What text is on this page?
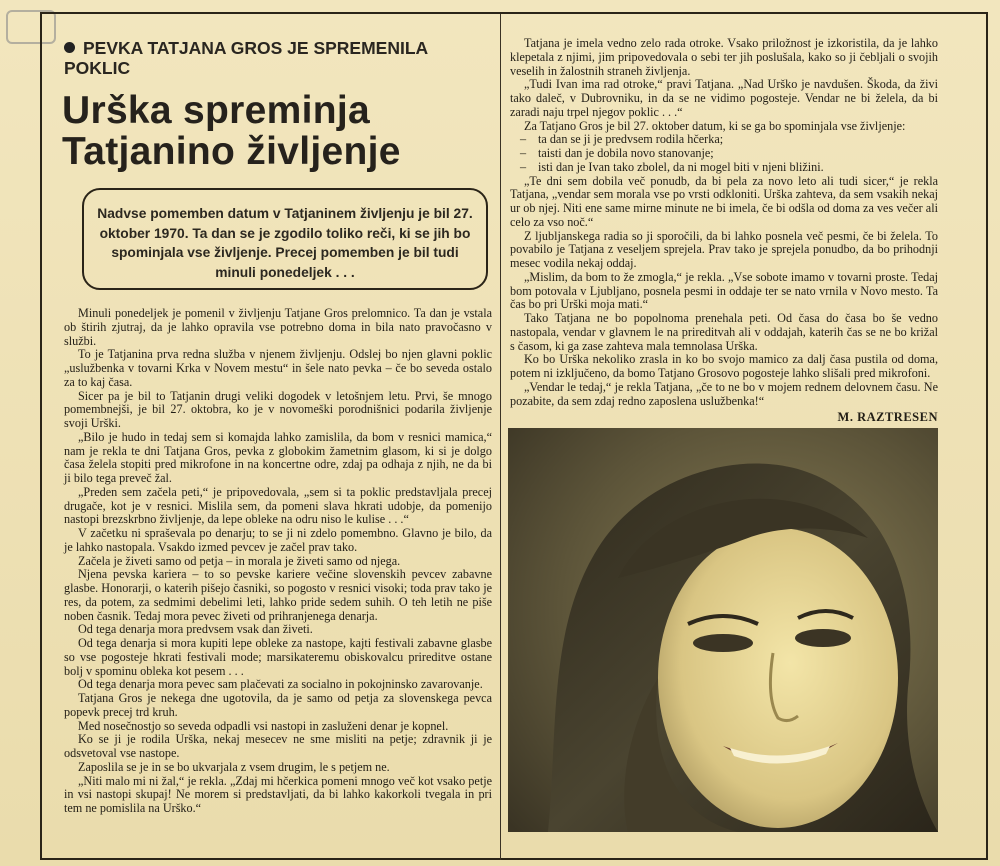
PEVKA TATJANA GROS JE SPREMENILA POKLIC
Urška spreminja Tatjanino življenje
Nadvse pomemben datum v Tatjaninem življenju je bil 27. oktober 1970. Ta dan se je zgodilo toliko reči, ki se jih bo spominjala vse življenje. Precej pomemben je bil tudi minuli ponedeljek . . .

Minuli ponedeljek je pomenil v življenju Tatjane Gros prelomnico. Ta dan je vstala ob štirih zjutraj, da je lahko opravila vse potrebno doma in bila nato pravočasno v službi.

To je Tatjanina prva redna služba v njenem življenju. Odslej bo njen glavni poklic „uslužbenka v tovarni Krka v Novem mestu“ in šele nato pevka – če bo seveda ostalo za to kaj časa.

Sicer pa je bil to Tatjanin drugi veliki dogodek v letošnjem letu. Prvi, še mnogo pomembnejši, je bil 27. oktobra, ko je v novomeški porodnišnici podarila življenje svoji Urški.

„Bilo je hudo in tedaj sem si komajda lahko zamislila, da bom v resnici mamica,“ nam je rekla te dni Tatjana Gros, pevka z globokim žametnim glasom, ki si je dolgo časa želela stopiti pred mikrofone in na koncertne odre, zdaj pa odhaja z njih, ne da bi ji bilo tega preveč žal.

„Preden sem začela peti,“ je pripovedovala, „sem si ta poklic predstavljala precej drugače, kot je v resnici. Mislila sem, da pomeni slava hkrati udobje, da pomenijo nastopi brezskrbno življenje, da lepe obleke na odru niso le kulise . . .“

V začetku ni spraševala po denarju; to se ji ni zdelo pomembno. Glavno je bilo, da je lahko nastopala. Vsakdo izmed pevcev je začel prav tako.

Začela je živeti samo od petja – in morala je živeti samo od njega.

Njena pevska kariera – to so pevske kariere večine slovenskih pevcev zabavne glasbe. Honorarji, o katerih pišejo časniki, so pogosto v resnici visoki; toda prav tako je res, da potem, za sedmimi debelimi leti, lahko pride sedem suhih. O teh letih ne piše noben časnik. Tedaj mora pevec živeti od prihranjenega denarja.

Od tega denarja mora predvsem vsak dan živeti.

Od tega denarja si mora kupiti lepe obleke za nastope, kajti festivali zabavne glasbe so vse pogosteje hkrati festivali mode; marsikateremu obiskovalcu prireditve ostane bolj v spominu obleka kot pesem . . .

Od tega denarja mora pevec sam plačevati za socialno in pokojninsko zavarovanje.

Tatjana Gros je nekega dne ugotovila, da je samo od petja za slovenskega pevca popevk precej trd kruh.

Med nosečnostjo so seveda odpadli vsi nastopi in zasluženi denar je kopnel.

Ko se ji je rodila Urška, nekaj mesecev ne sme misliti na petje; zdravnik ji je odsvetoval vse nastope.

Zaposlila se je in se bo ukvarjala z vsem drugim, le s petjem ne.

„Niti malo mi ni žal,“ je rekla. „Zdaj mi hčerkica pomeni mnogo več kot vsako petje in vsi nastopi skupaj! Ne morem si predstavljati, da bi lahko kakorkoli tvegala in pri tem ne pomislila na Urško.“

Tatjana je imela vedno zelo rada otroke. Vsako priložnost je izkoristila, da je lahko klepetala z njimi, jim pripovedovala o sebi ter jih poslušala, kako so ji čebljali o svojih veselih in žalostnih straneh življenja.

„Tudi Ivan ima rad otroke,“ pravi Tatjana. „Nad Urško je navdušen. Škoda, da živi tako daleč, v Dubrovniku, in da se ne vidimo pogosteje. Vendar ne bi želela, da bi zaradi naju trpel njegov poklic . . .“

Za Tatjano Gros je bil 27. oktober datum, ki se ga bo spominjala vse življenje:

– ta dan se ji je predvsem rodila hčerka;
– taisti dan je dobila novo stanovanje;
– isti dan je Ivan tako zbolel, da ni mogel biti v njeni bližini.

„Te dni sem dobila več ponudb, da bi pela za novo leto ali tudi sicer,“ je rekla Tatjana, „vendar sem morala vse po vrsti odkloniti. Urška zahteva, da sem vsakih nekaj ur ob njej. Niti ene same mirne minute ne bi imela, če bi odšla od doma za ves večer ali celo za vso noč.“

Z ljubljanskega radia so ji sporočili, da bi lahko posnela več pesmi, če bi želela. To povabilo je Tatjana z veseljem sprejela. Prav tako je sprejela ponudbo, da bo prihodnji mesec vodila nekaj oddaj.

„Mislim, da bom to že zmogla,“ je rekla. „Vse sobote imamo v tovarni proste. Tedaj bom potovala v Ljubljano, posnela pesmi in oddaje ter se nato vrnila v Novo mesto. Ta čas bo pri Urški moja mati.“

Tako Tatjana ne bo popolnoma prenehala peti. Od časa do časa bo še vedno nastopala, vendar v glavnem le na prireditvah ali v oddajah, katerih čas se ne bo križal s časom, ki ga zase zahteva mala temnolasa Urška.

Ko bo Urška nekoliko zrasla in ko bo svojo mamico za dalj časa pustila od doma, potem ni izključeno, da bomo Tatjano Grosovo pogosteje lahko slišali pred mikrofoni.

„Vendar le tedaj,“ je rekla Tatjana, „če to ne bo v mojem rednem delovnem času. Ne pozabite, da sem zdaj redno zaposlena uslužbenka!“

M. RAZTRESEN
